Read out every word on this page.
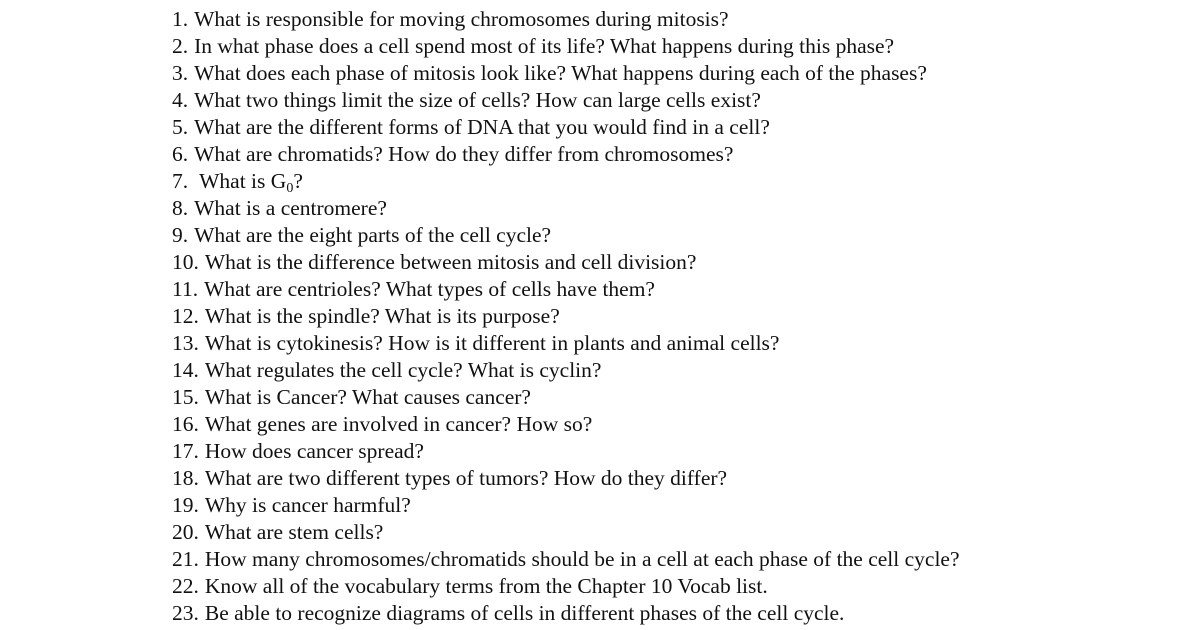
1. What is responsible for moving chromosomes during mitosis?
2. In what phase does a cell spend most of its life? What happens during this phase?
3. What does each phase of mitosis look like? What happens during each of the phases?
4. What two things limit the size of cells? How can large cells exist?
5. What are the different forms of DNA that you would find in a cell?
6. What are chromatids? How do they differ from chromosomes?
7. What is $G_0$?
8. What is a centromere?
9. What are the eight parts of the cell cycle?
10. What is the difference between mitosis and cell division?
11. What are centrioles? What types of cells have them?
12. What is the spindle? What is its purpose?
13. What is cytokinesis? How is it different in plants and animal cells?
14. What regulates the cell cycle? What is cyclin?
15. What is Cancer? What causes cancer?
16. What genes are involved in cancer? How so?
17. How does cancer spread?
18. What are two different types of tumors? How do they differ?
19. Why is cancer harmful?
20. What are stem cells?
21. How many chromosomes/chromatids should be in a cell at each phase of the cell cycle?
22. Know all of the vocabulary terms from the Chapter 10 Vocab list.
23. Be able to recognize diagrams of cells in different phases of the cell cycle.
